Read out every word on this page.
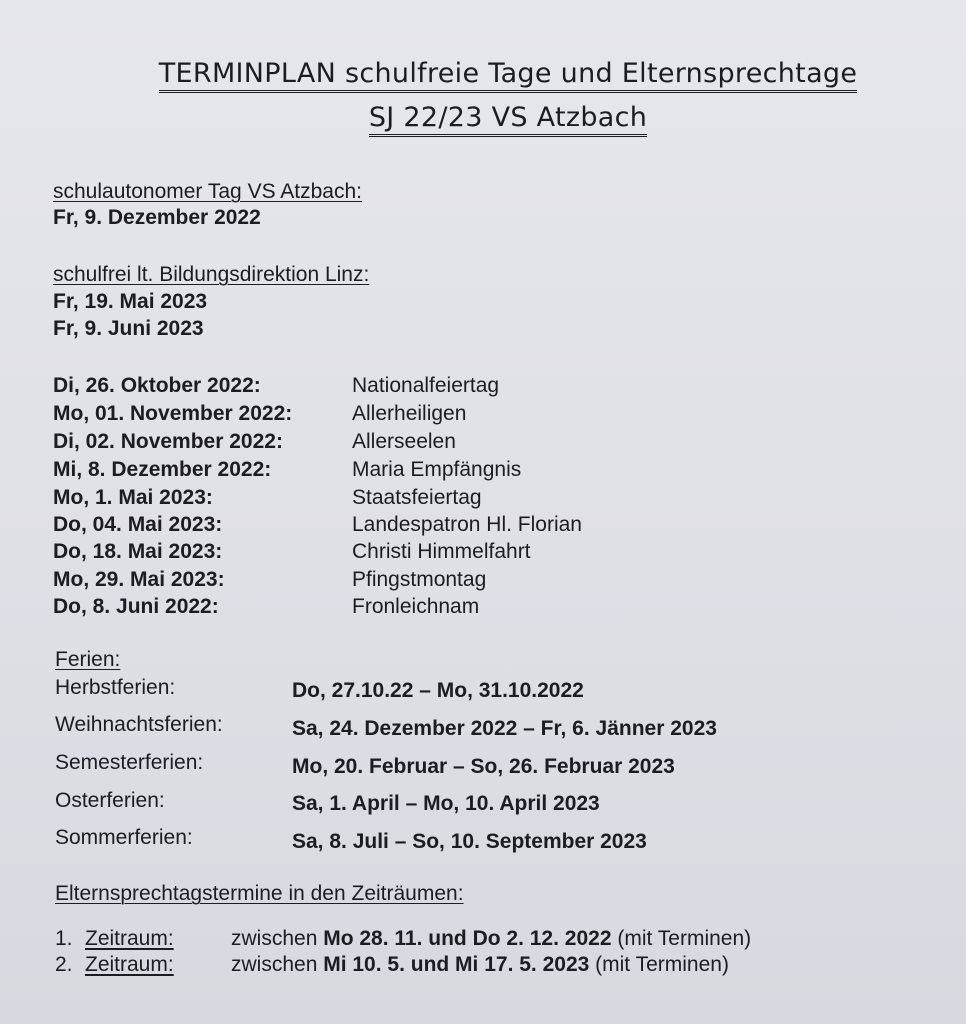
TERMINPLAN schulfreie Tage und Elternsprechtage
SJ 22/23 VS Atzbach
schulautonomer Tag VS Atzbach:
Fr, 9. Dezember 2022
schulfrei lt. Bildungsdirektion Linz:
Fr, 19. Mai 2023
Fr, 9. Juni 2023
Di, 26. Oktober 2022:	Nationalfeiertag
Mo, 01. November 2022:	Allerheiligen
Di, 02. November 2022:	Allerseelen
Mi, 8. Dezember 2022:	Maria Empfängnis
Mo, 1. Mai 2023:	Staatsfeiertag
Do, 04. Mai 2023:	Landespatron Hl. Florian
Do, 18. Mai 2023:	Christi Himmelfahrt
Mo, 29. Mai 2023:	Pfingstmontag
Do, 8. Juni 2022:	Fronleichnam
Ferien:
Herbstferien:	Do, 27.10.22 – Mo, 31.10.2022
Weihnachtsferien:	Sa, 24. Dezember 2022 – Fr, 6. Jänner 2023
Semesterferien:	Mo, 20. Februar – So, 26. Februar 2023
Osterferien:	Sa, 1. April – Mo, 10. April 2023
Sommerferien:	Sa, 8. Juli – So, 10. September 2023
Elternsprechtagstermine in den Zeiträumen:
1. Zeitraum:	zwischen Mo 28. 11. und Do 2. 12. 2022 (mit Terminen)
2. Zeitraum:	zwischen Mi 10. 5. und Mi 17. 5. 2023 (mit Terminen)
